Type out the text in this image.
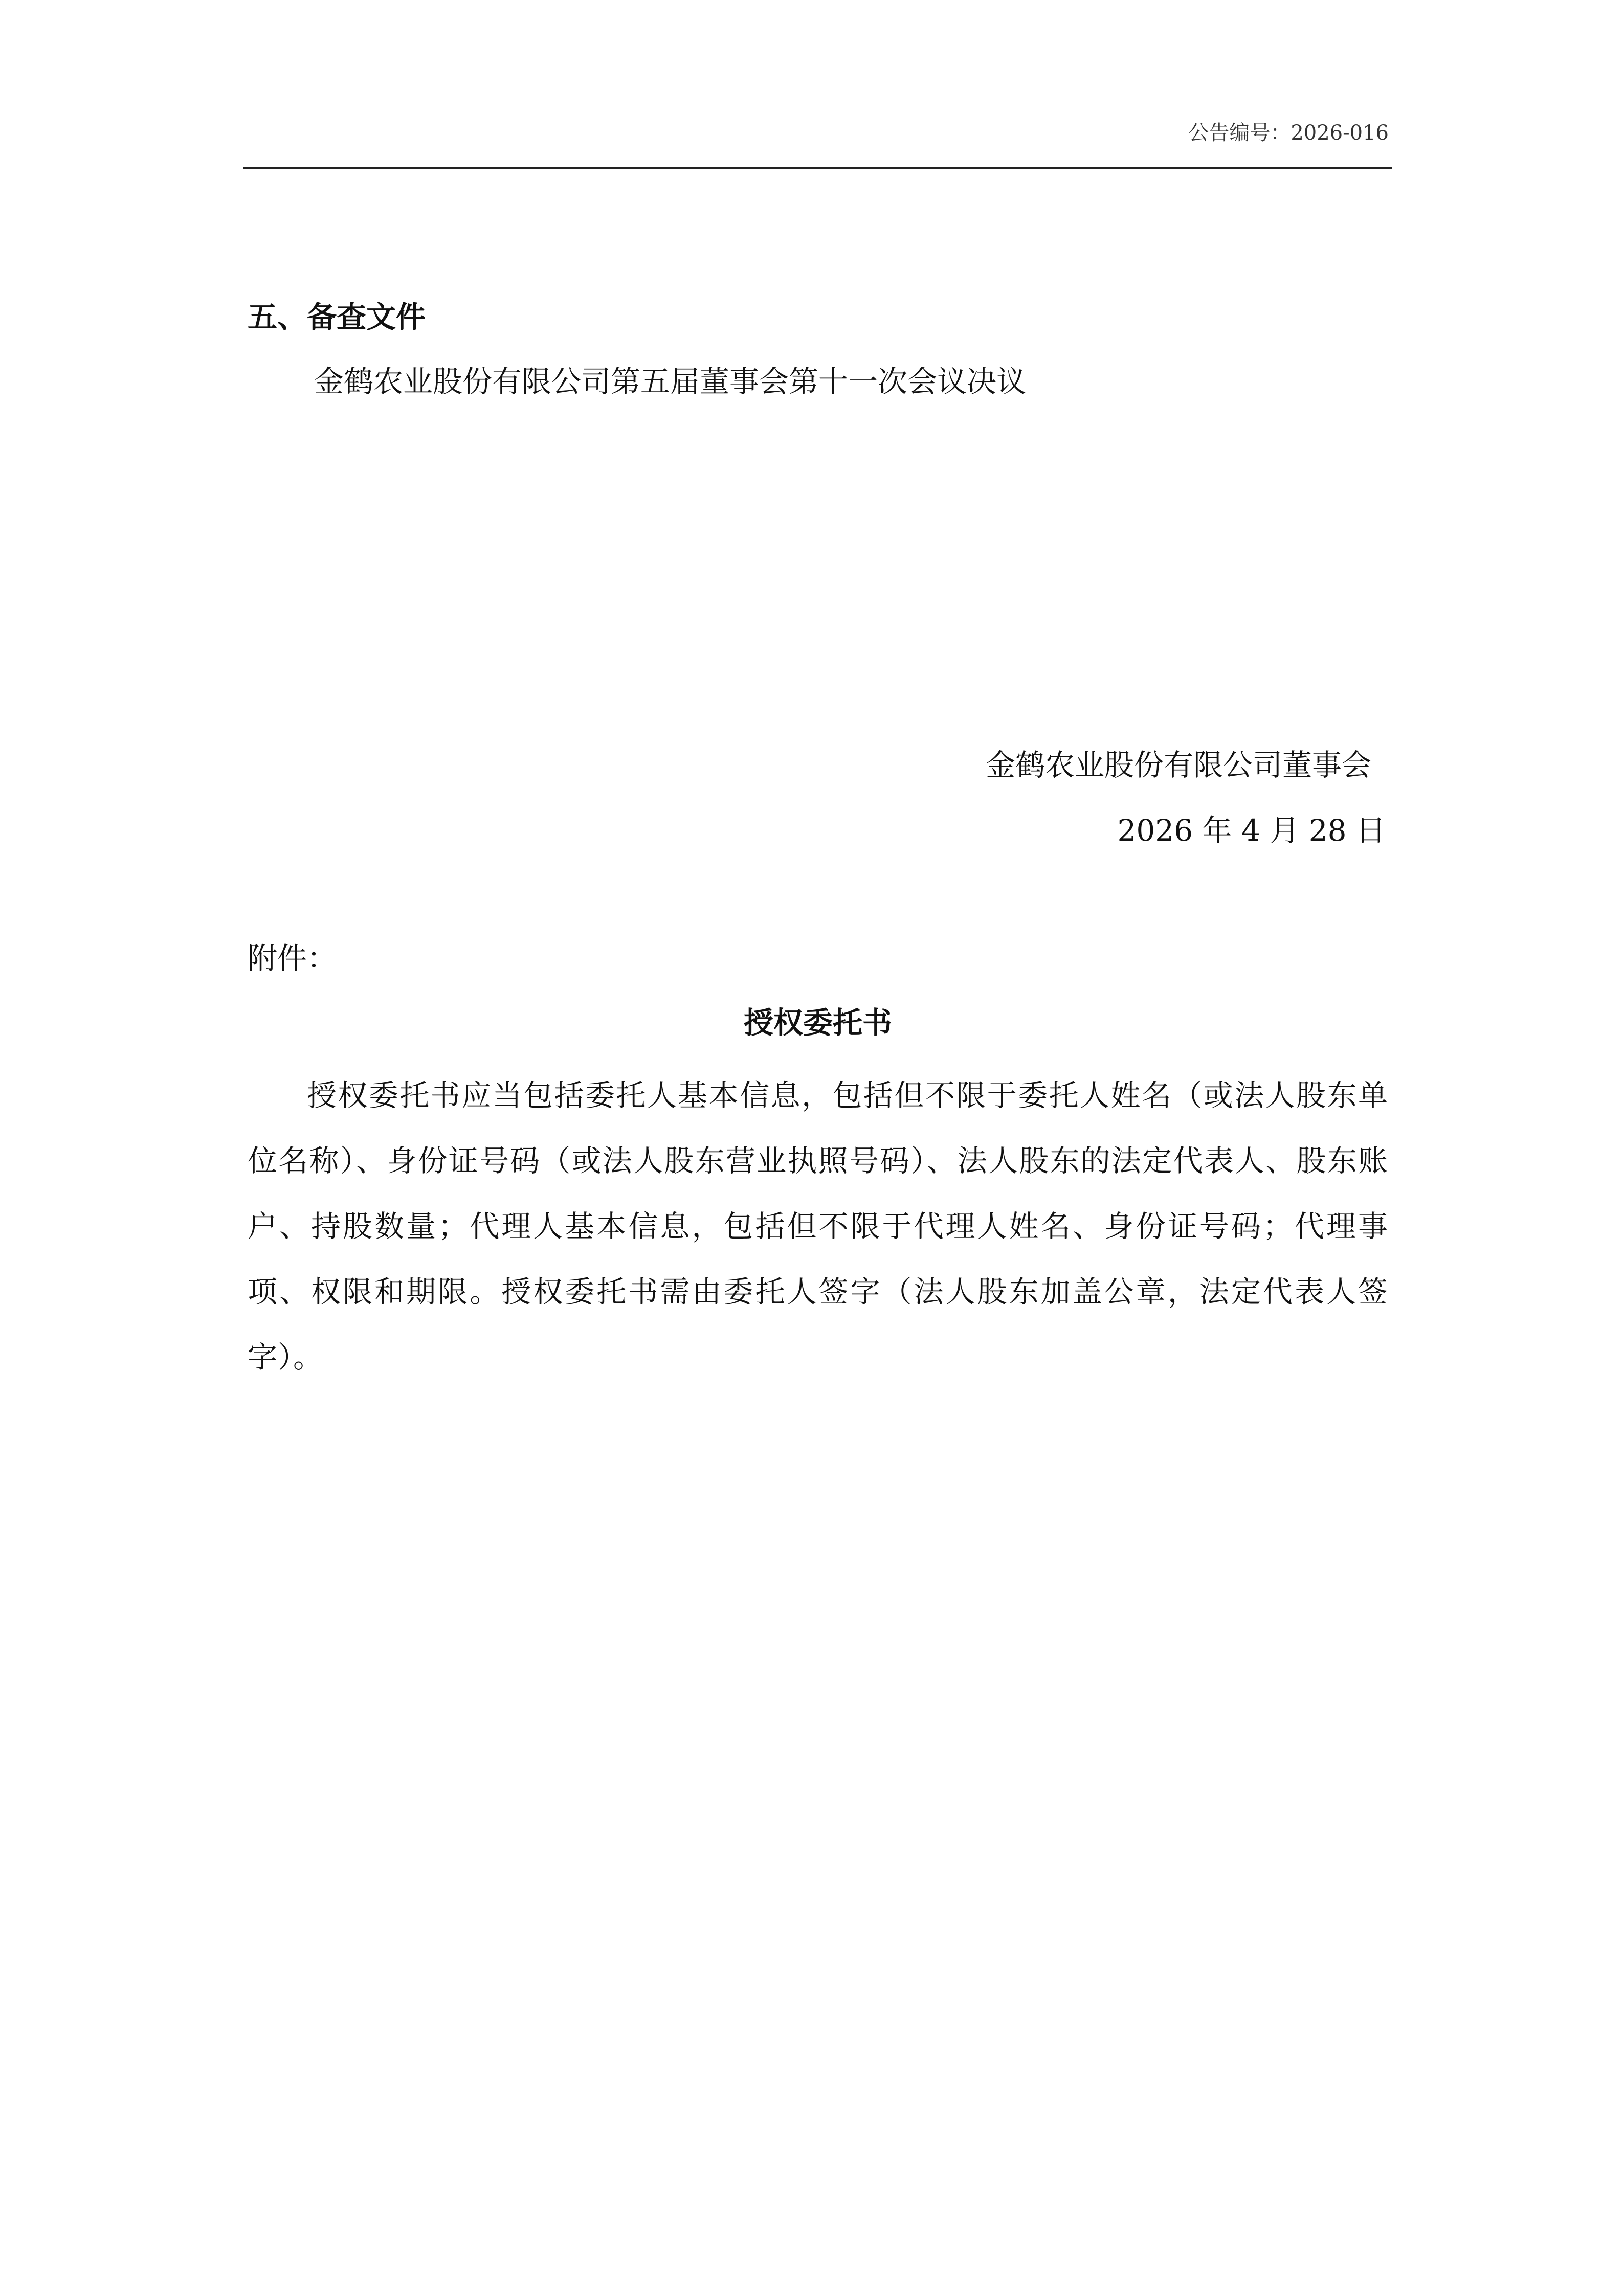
公告编号：2026-016
五、备查文件
金鹤农业股份有限公司第五届董事会第十一次会议决议
金鹤农业股份有限公司董事会
2026 年 4 月 28 日
附件：
授权委托书
授权委托书应当包括委托人基本信息，包括但不限于委托人姓名（或法人股东单位名称）、身份证号码（或法人股东营业执照号码）、法人股东的法定代表人、股东账户、持股数量；代理人基本信息，包括但不限于代理人姓名、身份证号码；代理事项、权限和期限。授权委托书需由委托人签字（法人股东加盖公章，法定代表人签字）。
